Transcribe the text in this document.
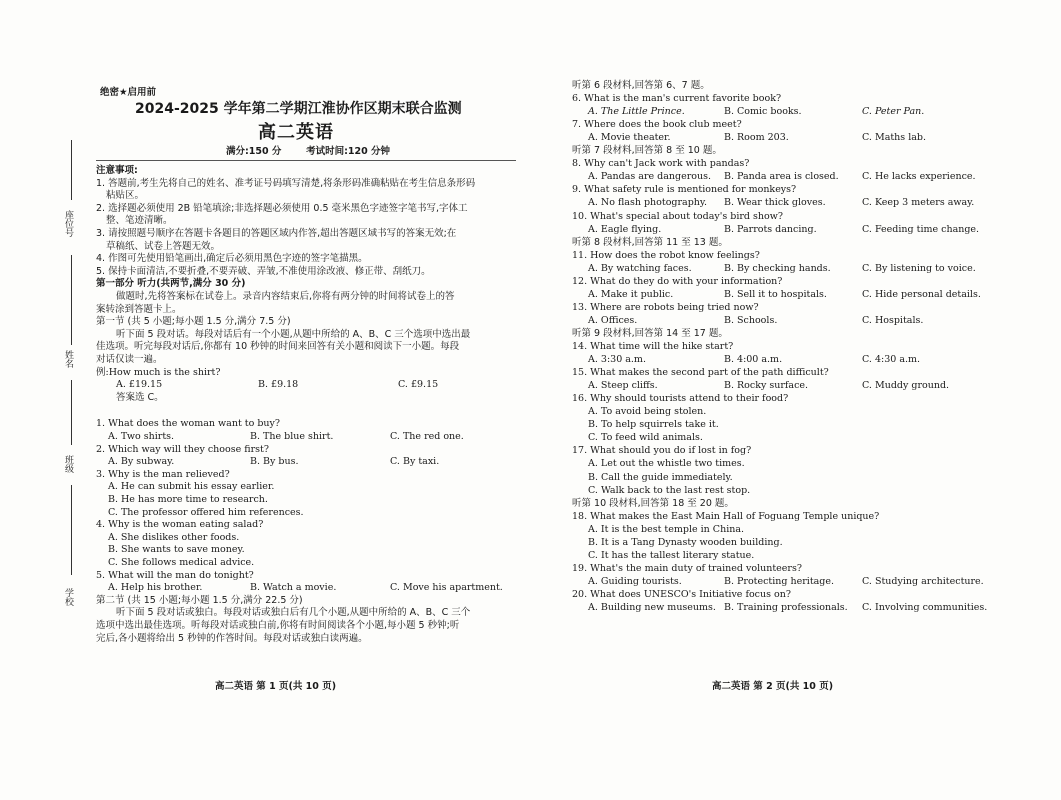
座位号
姓名
班级
学校
绝密★启用前
2024-2025 学年第二学期江淮协作区期末联合监测
高二英语
满分:150 分	考试时间:120 分钟
注意事项:
1. 答题前,考生先将自己的姓名、准考证号码填写清楚,将条形码准确粘贴在考生信息条形码
粘贴区。
2. 选择题必须使用 2B 铅笔填涂;非选择题必须使用 0.5 毫米黑色字迹签字笔书写,字体工
整、笔迹清晰。
3. 请按照题号顺序在答题卡各题目的答题区域内作答,超出答题区域书写的答案无效;在
草稿纸、试卷上答题无效。
4. 作图可先使用铅笔画出,确定后必须用黑色字迹的签字笔描黑。
5. 保持卡面清洁,不要折叠,不要弄破、弄皱,不准使用涂改液、修正带、刮纸刀。
第一部分 听力(共两节,满分 30 分)
做题时,先将答案标在试卷上。录音内容结束后,你将有两分钟的时间将试卷上的答
案转涂到答题卡上。
第一节 (共 5 小题;每小题 1.5 分,满分 7.5 分)
听下面 5 段对话。每段对话后有一个小题,从题中所给的 A、B、C 三个选项中选出最
佳选项。听完每段对话后,你都有 10 秒钟的时间来回答有关小题和阅读下一小题。每段
对话仅读一遍。
例:How much is the shirt?
A. £19.15	B. £9.18	C. £9.15
答案选 C。
1. What does the woman want to buy?
A. Two shirts.	B. The blue shirt.	C. The red one.
2. Which way will they choose first?
A. By subway.	B. By bus.	C. By taxi.
3. Why is the man relieved?
A. He can submit his essay earlier.
B. He has more time to research.
C. The professor offered him references.
4. Why is the woman eating salad?
A. She dislikes other foods.
B. She wants to save money.
C. She follows medical advice.
5. What will the man do tonight?
A. Help his brother.	B. Watch a movie.	C. Move his apartment.
第二节 (共 15 小题;每小题 1.5 分,满分 22.5 分)
听下面 5 段对话或独白。每段对话或独白后有几个小题,从题中所给的 A、B、C 三个
选项中选出最佳选项。听每段对话或独白前,你将有时间阅读各个小题,每小题 5 秒钟;听
完后,各小题将给出 5 秒钟的作答时间。每段对话或独白读两遍。
听第 6 段材料,回答第 6、7 题。
6. What is the man's current favorite book?
A. The Little Prince.	B. Comic books.	C. Peter Pan.
7. Where does the book club meet?
A. Movie theater.	B. Room 203.	C. Maths lab.
听第 7 段材料,回答第 8 至 10 题。
8. Why can't Jack work with pandas?
A. Pandas are dangerous. B. Panda area is closed. C. He lacks experience.
9. What safety rule is mentioned for monkeys?
A. No flash photography. B. Wear thick gloves.	C. Keep 3 meters away.
10. What's special about today's bird show?
A. Eagle flying.	B. Parrots dancing.	C. Feeding time change.
听第 8 段材料,回答第 11 至 13 题。
11. How does the robot know feelings?
A. By watching faces.	B. By checking hands.	C. By listening to voice.
12. What do they do with your information?
A. Make it public.	B. Sell it to hospitals.	C. Hide personal details.
13. Where are robots being tried now?
A. Offices.	B. Schools.	C. Hospitals.
听第 9 段材料,回答第 14 至 17 题。
14. What time will the hike start?
A. 3:30 a.m.	B. 4:00 a.m.	C. 4:30 a.m.
15. What makes the second part of the path difficult?
A. Steep cliffs.	B. Rocky surface.	C. Muddy ground.
16. Why should tourists attend to their food?
A. To avoid being stolen.
B. To help squirrels take it.
C. To feed wild animals.
17. What should you do if lost in fog?
A. Let out the whistle two times.
B. Call the guide immediately.
C. Walk back to the last rest stop.
听第 10 段材料,回答第 18 至 20 题。
18. What makes the East Main Hall of Foguang Temple unique?
A. It is the best temple in China.
B. It is a Tang Dynasty wooden building.
C. It has the tallest literary statue.
19. What's the main duty of trained volunteers?
A. Guiding tourists.	B. Protecting heritage.	C. Studying architecture.
20. What does UNESCO's Initiative focus on?
A. Building new museums. B. Training professionals. C. Involving communities.
高二英语 第 1 页(共 10 页)	高二英语 第 2 页(共 10 页)
